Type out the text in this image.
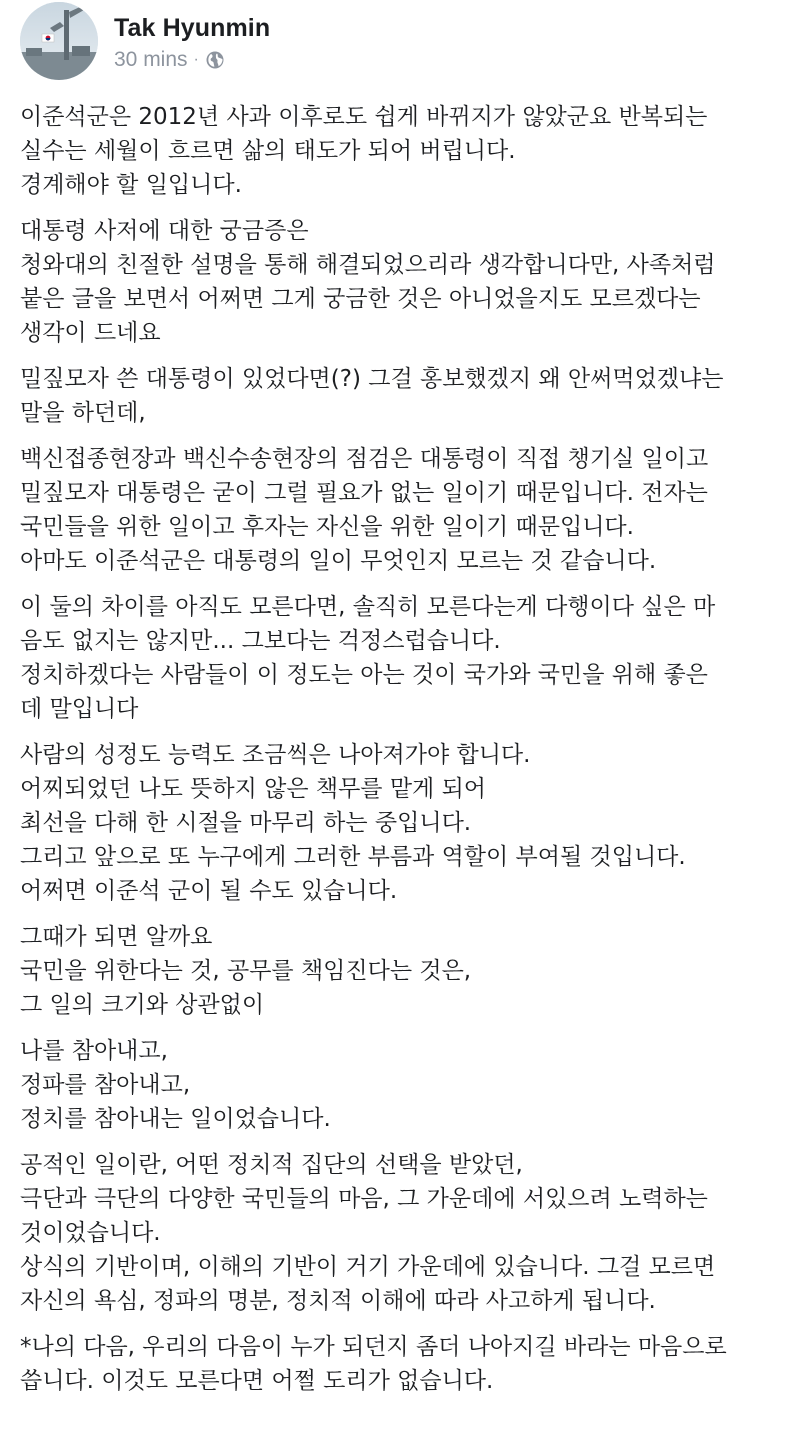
Tak Hyunmin
30 mins ·
이준석군은 2012년 사과 이후로도 쉽게 바뀌지가 않았군요 반복되는
실수는 세월이 흐르면 삶의 태도가 되어 버립니다.
경계해야 할 일입니다.
대통령 사저에 대한 궁금증은
청와대의 친절한 설명을 통해 해결되었으리라 생각합니다만, 사족처럼
붙은 글을 보면서 어쩌면 그게 궁금한 것은 아니었을지도 모르겠다는
생각이 드네요
밀짚모자 쓴 대통령이 있었다면(?) 그걸 홍보했겠지 왜 안써먹었겠냐는
말을 하던데,
백신접종현장과 백신수송현장의 점검은 대통령이 직접 챙기실 일이고
밀짚모자 대통령은 굳이 그럴 필요가 없는 일이기 때문입니다. 전자는
국민들을 위한 일이고 후자는 자신을 위한 일이기 때문입니다.
아마도 이준석군은 대통령의 일이 무엇인지 모르는 것 같습니다.
이 둘의 차이를 아직도 모른다면, 솔직히 모른다는게 다행이다 싶은 마
음도 없지는 않지만... 그보다는 걱정스럽습니다.
정치하겠다는 사람들이 이 정도는 아는 것이 국가와 국민을 위해 좋은
데 말입니다
사람의 성정도 능력도 조금씩은 나아져가야 합니다.
어찌되었던 나도 뜻하지 않은 책무를 맡게 되어
최선을 다해 한 시절을 마무리 하는 중입니다.
그리고 앞으로 또 누구에게 그러한 부름과 역할이 부여될 것입니다.
어쩌면 이준석 군이 될 수도 있습니다.
그때가 되면 알까요
국민을 위한다는 것, 공무를 책임진다는 것은,
그 일의 크기와 상관없이
나를 참아내고,
정파를 참아내고,
정치를 참아내는 일이었습니다.
공적인 일이란, 어떤 정치적 집단의 선택을 받았던,
극단과 극단의 다양한 국민들의 마음, 그 가운데에 서있으려 노력하는
것이었습니다.
상식의 기반이며, 이해의 기반이 거기 가운데에 있습니다. 그걸 모르면
자신의 욕심, 정파의 명분, 정치적 이해에 따라 사고하게 됩니다.
*나의 다음, 우리의 다음이 누가 되던지 좀더 나아지길 바라는 마음으로
씁니다. 이것도 모른다면 어쩔 도리가 없습니다.
